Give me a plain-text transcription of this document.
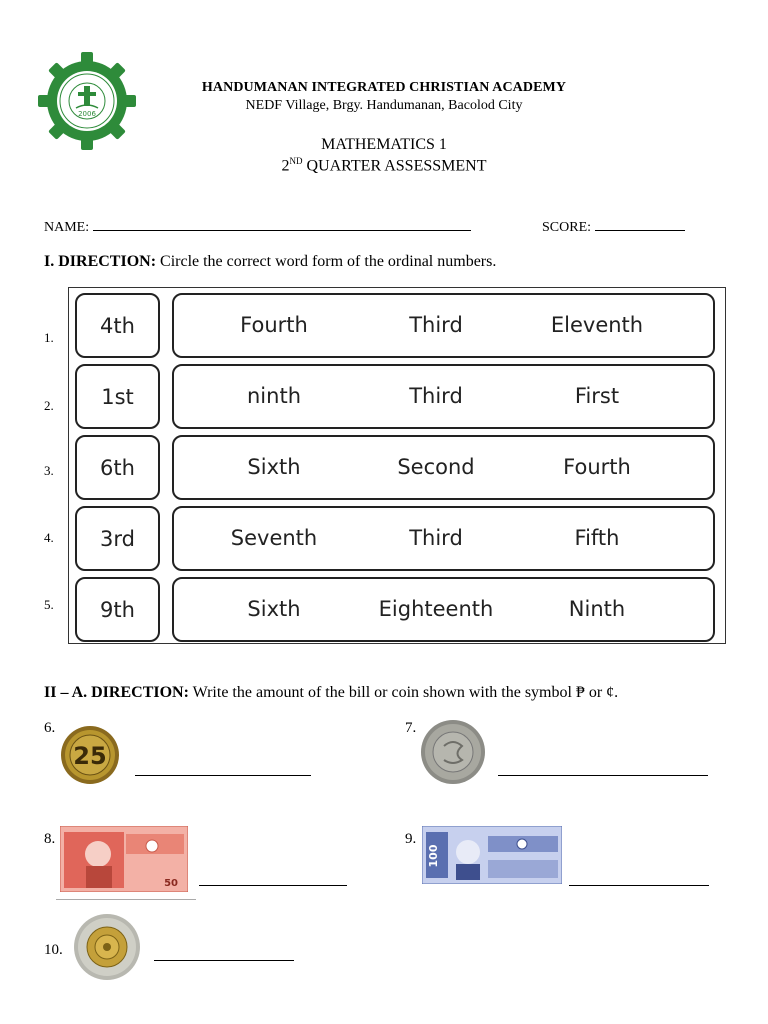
2006
HANDUMANAN INTEGRATED CHRISTIAN ACADEMY
NEDF Village, Brgy. Handumanan, Bacolod City
MATHEMATICS 1
2ND QUARTER ASSESSMENT
NAME:	SCORE:
I. DIRECTION: Circle the correct word form of the ordinal numbers.
1.	4th	Fourth	Third	Eleventh
2.	1st	ninth	Third	First
3.	6th	Sixth	Second	Fourth
4.	3rd	Seventh	Third	Fifth
5.	9th	Sixth	Eighteenth	Ninth
II – A. DIRECTION: Write the amount of the bill or coin shown with the symbol ₱ or ¢.
6.
25
7.
8.
50
9.
100
10.
